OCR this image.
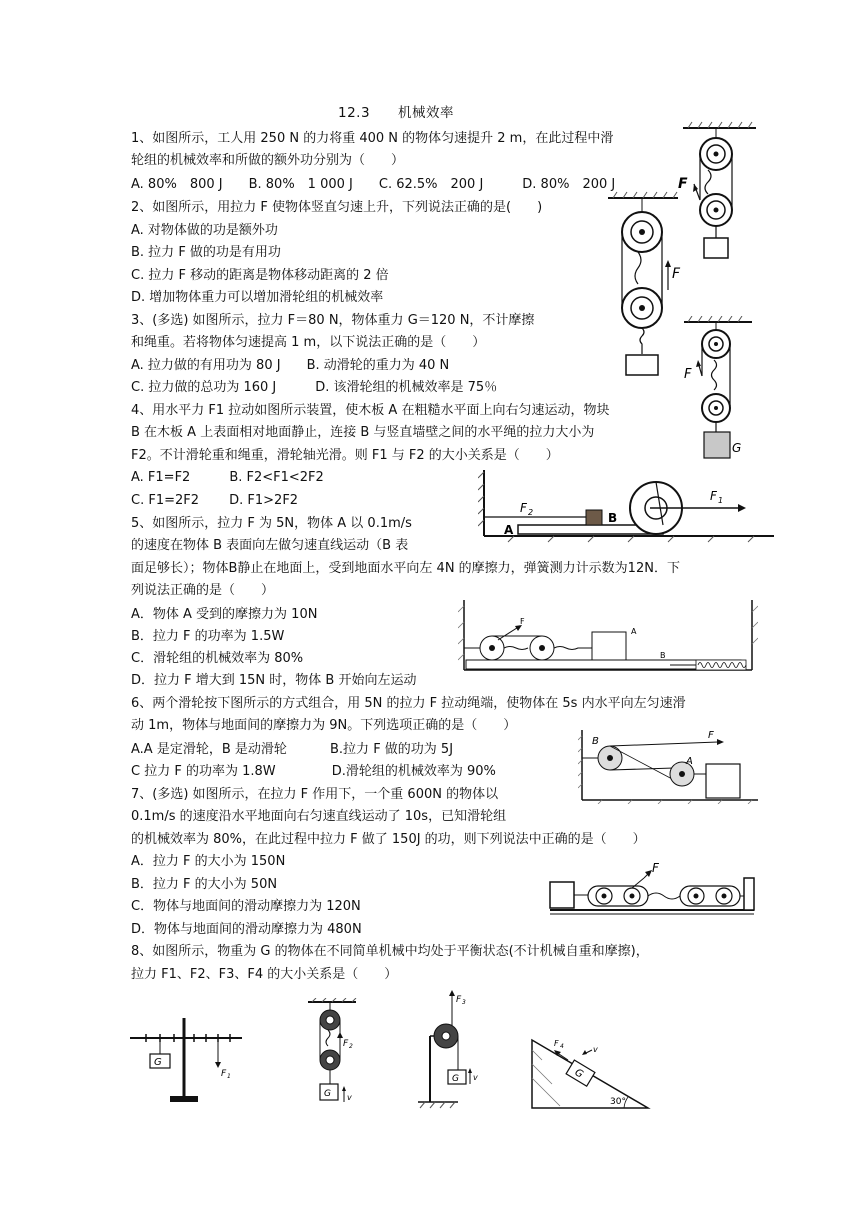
12.3　　机械效率
1、如图所示，工人用 250 N 的力将重 400 N 的物体匀速提升 2 m，在此过程中滑
轮组的机械效率和所做的额外功分别为（　　）
A. 80%　800 J　　B. 80%　1 000 J　　C. 62.5%　200 J　　　D. 80%　200 J
2、如图所示，用拉力 F 使物体竖直匀速上升，下列说法正确的是(　　)
A. 对物体做的功是额外功
B. 拉力 F 做的功是有用功
C. 拉力 F 移动的距离是物体移动距离的 2 倍
D. 增加物体重力可以增加滑轮组的机械效率
3、(多选) 如图所示，拉力 F＝80 N，物体重力 G＝120 N，不计摩擦
和绳重。若将物体匀速提高 1 m，以下说法正确的是（　　）
A. 拉力做的有用功为 80 J　　B. 动滑轮的重力为 40 N
C. 拉力做的总功为 160 J　　　D. 该滑轮组的机械效率是 75％
4、用水平力 F1 拉动如图所示装置，使木板 A 在粗糙水平面上向右匀速运动，物块
B 在木板 A 上表面相对地面静止，连接 B 与竖直墙壁之间的水平绳的拉力大小为
F2。不计滑轮重和绳重，滑轮轴光滑。则 F1 与 F2 的大小关系是（　　）
A. F1=F2　　　B. F2<F1<2F2
C. F1=2F2　　 D. F1>2F2
5、如图所示，拉力 F 为 5N，物体 A 以 0.1m/s
的速度在物体 B 表面向左做匀速直线运动（B 表
面足够长）；物体B静止在地面上，受到地面水平向左 4N 的摩擦力，弹簧测力计示数为12N．下
列说法正确的是（　　）
A．物体 A 受到的摩擦力为 10N
B．拉力 F 的功率为 1.5W
C．滑轮组的机械效率为 80%
D．拉力 F 增大到 15N 时，物体 B 开始向左运动
6、两个滑轮按下图所示的方式组合，用 5N 的拉力 F 拉动绳端，使物体在 5s 内水平向左匀速滑
动 1m，物体与地面间的摩擦力为 9N。下列选项正确的是（　　）
A.A 是定滑轮，B 是动滑轮　　　 B.拉力 F 做的功为 5J
C 拉力 F 的功率为 1.8W　　　　 D.滑轮组的机械效率为 90%
7、(多选) 如图所示，在拉力 F 作用下，一个重 600N 的物体以
0.1m/s 的速度沿水平地面向右匀速直线运动了 10s，已知滑轮组
的机械效率为 80%，在此过程中拉力 F 做了 150J 的功，则下列说法中正确的是（　　）
A．拉力 F 的大小为 150N
B．拉力 F 的大小为 50N
C．物体与地面间的滑动摩擦力为 120N
D．物体与地面间的滑动摩擦力为 480N
8、如图所示，物重为 G 的物体在不同简单机械中均处于平衡状态(不计机械自重和摩擦)，
拉力 F1、F2、F3、F4 的大小关系是（　　）
F
F
F
G
A
B
F 2
F 1
B
A
F
B
F
A
F
G
F 1
F 2
G v
F 3
G v	G
F 4	v
30°
